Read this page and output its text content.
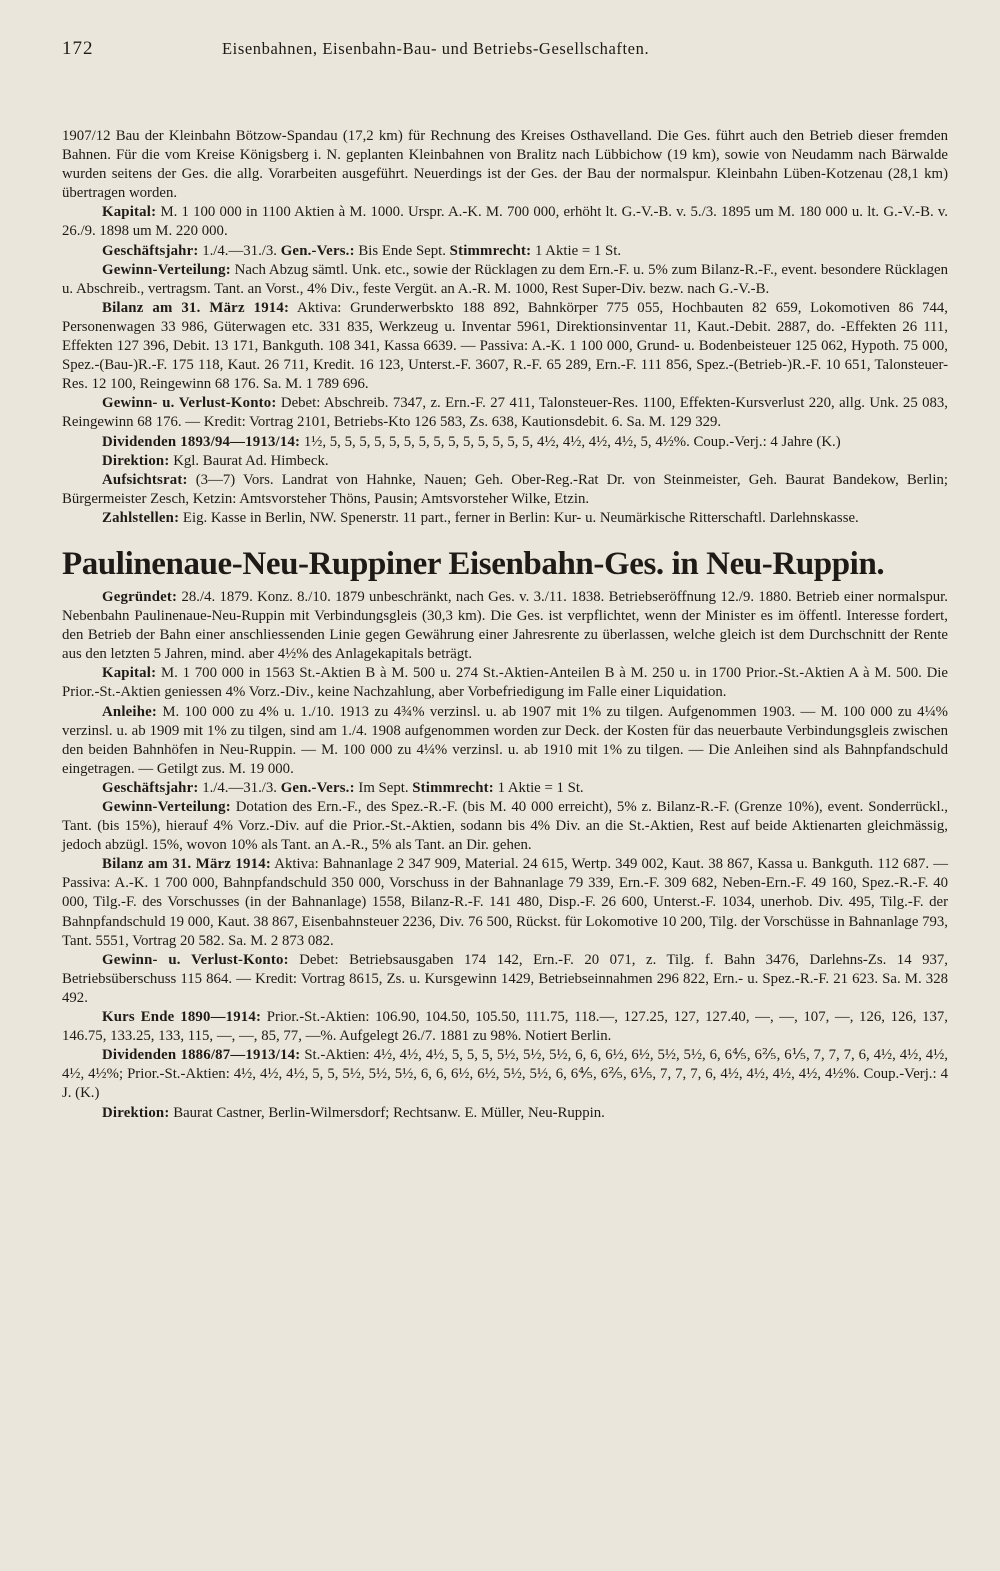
172	Eisenbahnen, Eisenbahn-Bau- und Betriebs-Gesellschaften.

1907/12 Bau der Kleinbahn Bötzow-Spandau (17,2 km) für Rechnung des Kreises Osthavelland. Die Ges. führt auch den Betrieb dieser fremden Bahnen. Für die vom Kreise Königsberg i. N. geplanten Kleinbahnen von Bralitz nach Lübbichow (19 km), sowie von Neudamm nach Bärwalde wurden seitens der Ges. die allg. Vorarbeiten ausgeführt. Neuerdings ist der Ges. der Bau der normalspur. Kleinbahn Lüben-Kotzenau (28,1 km) übertragen worden.

Kapital: M. 1 100 000 in 1100 Aktien à M. 1000. Urspr. A.-K. M. 700 000, erhöht lt. G.-V.-B. v. 5./3. 1895 um M. 180 000 u. lt. G.-V.-B. v. 26./9. 1898 um M. 220 000.

Geschäftsjahr: 1./4.—31./3. Gen.-Vers.: Bis Ende Sept. Stimmrecht: 1 Aktie = 1 St.

Gewinn-Verteilung: Nach Abzug sämtl. Unk. etc., sowie der Rücklagen zu dem Ern.-F. u. 5% zum Bilanz-R.-F., event. besondere Rücklagen u. Abschreib., vertragsm. Tant. an Vorst., 4% Div., feste Vergüt. an A.-R. M. 1000, Rest Super-Div. bezw. nach G.-V.-B.

Bilanz am 31. März 1914: Aktiva: Grunderwerbskto 188 892, Bahnkörper 775 055, Hochbauten 82 659, Lokomotiven 86 744, Personenwagen 33 986, Güterwagen etc. 331 835, Werkzeug u. Inventar 5961, Direktionsinventar 11, Kaut.-Debit. 2887, do. -Effekten 26 111, Effekten 127 396, Debit. 13 171, Bankguth. 108 341, Kassa 6639. — Passiva: A.-K. 1 100 000, Grund- u. Bodenbeisteuer 125 062, Hypoth. 75 000, Spez.-(Bau-)R.-F. 175 118, Kaut. 26 711, Kredit. 16 123, Unterst.-F. 3607, R.-F. 65 289, Ern.-F. 111 856, Spez.-(Betrieb-)R.-F. 10 651, Talonsteuer-Res. 12 100, Reingewinn 68 176. Sa. M. 1 789 696.

Gewinn- u. Verlust-Konto: Debet: Abschreib. 7347, z. Ern.-F. 27 411, Talonsteuer-Res. 1100, Effekten-Kursverlust 220, allg. Unk. 25 083, Reingewinn 68 176. — Kredit: Vortrag 2101, Betriebs-Kto 126 583, Zs. 638, Kautionsdebit. 6. Sa. M. 129 329.

Dividenden 1893/94—1913/14: 1½, 5, 5, 5, 5, 5, 5, 5, 5, 5, 5, 5, 5, 5, 5, 4½, 4½, 4½, 4½, 5, 4½%. Coup.-Verj.: 4 Jahre (K.)

Direktion: Kgl. Baurat Ad. Himbeck.

Aufsichtsrat: (3—7) Vors. Landrat von Hahnke, Nauen; Geh. Ober-Reg.-Rat Dr. von Steinmeister, Geh. Baurat Bandekow, Berlin; Bürgermeister Zesch, Ketzin: Amtsvorsteher Thöns, Pausin; Amtsvorsteher Wilke, Etzin.

Zahlstellen: Eig. Kasse in Berlin, NW. Spenerstr. 11 part., ferner in Berlin: Kur- u. Neumärkische Ritterschaftl. Darlehnskasse.

Paulinenaue-Neu-Ruppiner Eisenbahn-Ges. in Neu-Ruppin.

Gegründet: 28./4. 1879. Konz. 8./10. 1879 unbeschränkt, nach Ges. v. 3./11. 1838. Betriebseröffnung 12./9. 1880. Betrieb einer normalspur. Nebenbahn Paulinenaue-Neu-Ruppin mit Verbindungsgleis (30,3 km). Die Ges. ist verpflichtet, wenn der Minister es im öffentl. Interesse fordert, den Betrieb der Bahn einer anschliessenden Linie gegen Gewährung einer Jahresrente zu überlassen, welche gleich ist dem Durchschnitt der Rente aus den letzten 5 Jahren, mind. aber 4½% des Anlagekapitals beträgt.

Kapital: M. 1 700 000 in 1563 St.-Aktien B à M. 500 u. 274 St.-Aktien-Anteilen B à M. 250 u. in 1700 Prior.-St.-Aktien A à M. 500. Die Prior.-St.-Aktien geniessen 4% Vorz.-Div., keine Nachzahlung, aber Vorbefriedigung im Falle einer Liquidation.

Anleihe: M. 100 000 zu 4% u. 1./10. 1913 zu 4¾% verzinsl. u. ab 1907 mit 1% zu tilgen. Aufgenommen 1903. — M. 100 000 zu 4¼% verzinsl. u. ab 1909 mit 1% zu tilgen, sind am 1./4. 1908 aufgenommen worden zur Deck. der Kosten für das neuerbaute Verbindungsgleis zwischen den beiden Bahnhöfen in Neu-Ruppin. — M. 100 000 zu 4¼% verzinsl. u. ab 1910 mit 1% zu tilgen. — Die Anleihen sind als Bahnpfandschuld eingetragen. — Getilgt zus. M. 19 000.

Geschäftsjahr: 1./4.—31./3. Gen.-Vers.: Im Sept. Stimmrecht: 1 Aktie = 1 St.

Gewinn-Verteilung: Dotation des Ern.-F., des Spez.-R.-F. (bis M. 40 000 erreicht), 5% z. Bilanz-R.-F. (Grenze 10%), event. Sonderrückl., Tant. (bis 15%), hierauf 4% Vorz.-Div. auf die Prior.-St.-Aktien, sodann bis 4% Div. an die St.-Aktien, Rest auf beide Aktienarten gleichmässig, jedoch abzügl. 15%, wovon 10% als Tant. an A.-R., 5% als Tant. an Dir. gehen.

Bilanz am 31. März 1914: Aktiva: Bahnanlage 2 347 909, Material. 24 615, Wertp. 349 002, Kaut. 38 867, Kassa u. Bankguth. 112 687. — Passiva: A.-K. 1 700 000, Bahnpfandschuld 350 000, Vorschuss in der Bahnanlage 79 339, Ern.-F. 309 682, Neben-Ern.-F. 49 160, Spez.-R.-F. 40 000, Tilg.-F. des Vorschusses (in der Bahnanlage) 1558, Bilanz-R.-F. 141 480, Disp.-F. 26 600, Unterst.-F. 1034, unerhob. Div. 495, Tilg.-F. der Bahnpfandschuld 19 000, Kaut. 38 867, Eisenbahnsteuer 2236, Div. 76 500, Rückst. für Lokomotive 10 200, Tilg. der Vorschüsse in Bahnanlage 793, Tant. 5551, Vortrag 20 582. Sa. M. 2 873 082.

Gewinn- u. Verlust-Konto: Debet: Betriebsausgaben 174 142, Ern.-F. 20 071, z. Tilg. f. Bahn 3476, Darlehns-Zs. 14 937, Betriebsüberschuss 115 864. — Kredit: Vortrag 8615, Zs. u. Kursgewinn 1429, Betriebseinnahmen 296 822, Ern.- u. Spez.-R.-F. 21 623. Sa. M. 328 492.

Kurs Ende 1890—1914: Prior.-St.-Aktien: 106.90, 104.50, 105.50, 111.75, 118.—, 127.25, 127, 127.40, —, —, 107, —, 126, 126, 137, 146.75, 133.25, 133, 115, —, —, 85, 77, —%. Aufgelegt 26./7. 1881 zu 98%. Notiert Berlin.

Dividenden 1886/87—1913/14: St.-Aktien: 4½, 4½, 4½, 5, 5, 5, 5½, 5½, 5½, 6, 6, 6½, 6½, 5½, 5½, 6, 6⅘, 6⅖, 6⅕, 7, 7, 7, 6, 4½, 4½, 4½, 4½, 4½%; Prior.-St.-Aktien: 4½, 4½, 4½, 5, 5, 5½, 5½, 5½, 6, 6, 6½, 6½, 5½, 5½, 6, 6⅘, 6⅖, 6⅕, 7, 7, 7, 6, 4½, 4½, 4½, 4½, 4½%. Coup.-Verj.: 4 J. (K.)

Direktion: Baurat Castner, Berlin-Wilmersdorf; Rechtsanw. E. Müller, Neu-Ruppin.
